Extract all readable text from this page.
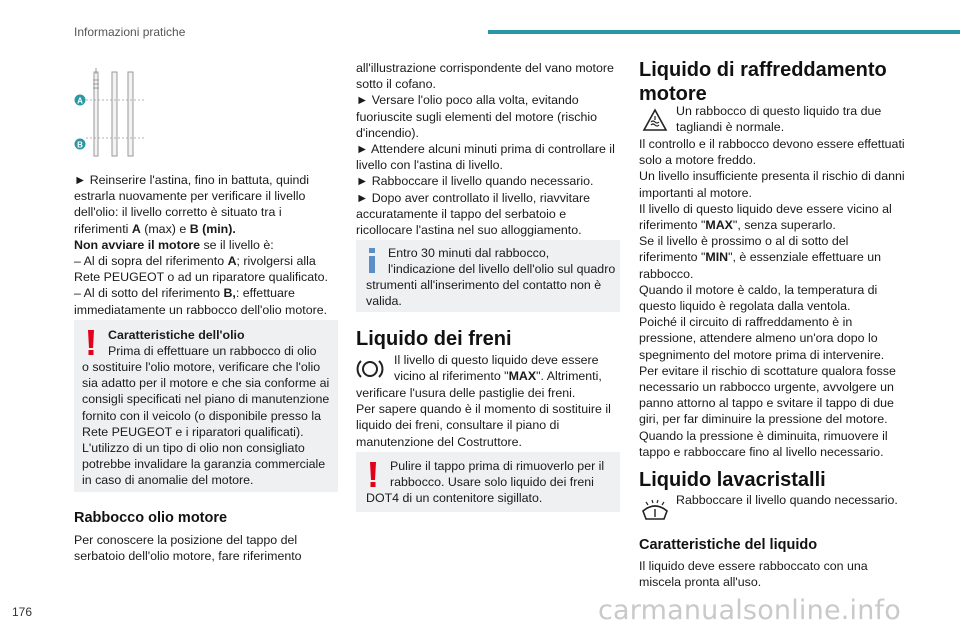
Informazioni pratiche
A
B

► Reinserire l'astina, fino in battuta, quindi estrarla nuovamente per verificare il livello dell'olio: il livello corretto è situato tra i riferimenti A (max) e B (min).

Non avviare il motore se il livello è:

– Al di sopra del riferimento A; rivolgersi alla Rete PEUGEOT o ad un riparatore qualificato.

– Al di sotto del riferimento B,: effettuare immediatamente un rabbocco dell'olio motore.

Caratteristiche dell'olio
Prima di effettuare un rabbocco di olio
o sostituire l'olio motore, verificare che l'olio sia adatto per il motore e che sia conforme ai consigli specificati nel piano di manutenzione fornito con il veicolo (o disponibile presso la Rete PEUGEOT e i riparatori qualificati).
L'utilizzo di un tipo di olio non consigliato potrebbe invalidare la garanzia commerciale in caso di anomalie del motore.
Rabbocco olio motore
Per conoscere la posizione del tappo del serbatoio dell'olio motore, fare riferimento

all'illustrazione corrispondente del vano motore sotto il cofano.

► Versare l'olio poco alla volta, evitando fuoriuscite sugli elementi del motore (rischio d'incendio).

► Attendere alcuni minuti prima di controllare il livello con l'astina di livello.

► Rabboccare il livello quando necessario.

► Dopo aver controllato il livello, riavvitare accuratamente il tappo del serbatoio e ricollocare l'astina nel suo alloggiamento.

Entro 30 minuti dal rabbocco,
l'indicazione del livello dell'olio sul quadro
strumenti all'inserimento del contatto non è valida.
Liquido dei freni
Il livello di questo liquido deve essere
vicino al riferimento "MAX". Altrimenti,
verificare l'usura delle pastiglie dei freni.
Per sapere quando è il momento di sostituire il liquido dei freni, consultare il piano di manutenzione del Costruttore.
Pulire il tappo prima di rimuoverlo per il
rabbocco. Usare solo liquido dei freni
DOT4 di un contenitore sigillato.
Liquido di raffreddamento
motore
Un rabbocco di questo liquido tra due
tagliandi è normale.

Il controllo e il rabbocco devono essere effettuati solo a motore freddo.

Un livello insufficiente presenta il rischio di danni importanti al motore.

Il livello di questo liquido deve essere vicino al riferimento "MAX", senza superarlo.

Se il livello è prossimo o al di sotto del riferimento "MIN", è essenziale effettuare un rabbocco.

Quando il motore è caldo, la temperatura di questo liquido è regolata dalla ventola.

Poiché il circuito di raffreddamento è in pressione, attendere almeno un'ora dopo lo spegnimento del motore prima di intervenire.

Per evitare il rischio di scottature qualora fosse necessario un rabbocco urgente, avvolgere un panno attorno al tappo e svitare il tappo di due giri, per far diminuire la pressione del motore.

Quando la pressione è diminuita, rimuovere il tappo e rabboccare fino al livello necessario.

Liquido lavacristalli
Rabboccare il livello quando necessario.
Caratteristiche del liquido
Il liquido deve essere rabboccato con una miscela pronta all'uso.
176	carmanualsonline.info
